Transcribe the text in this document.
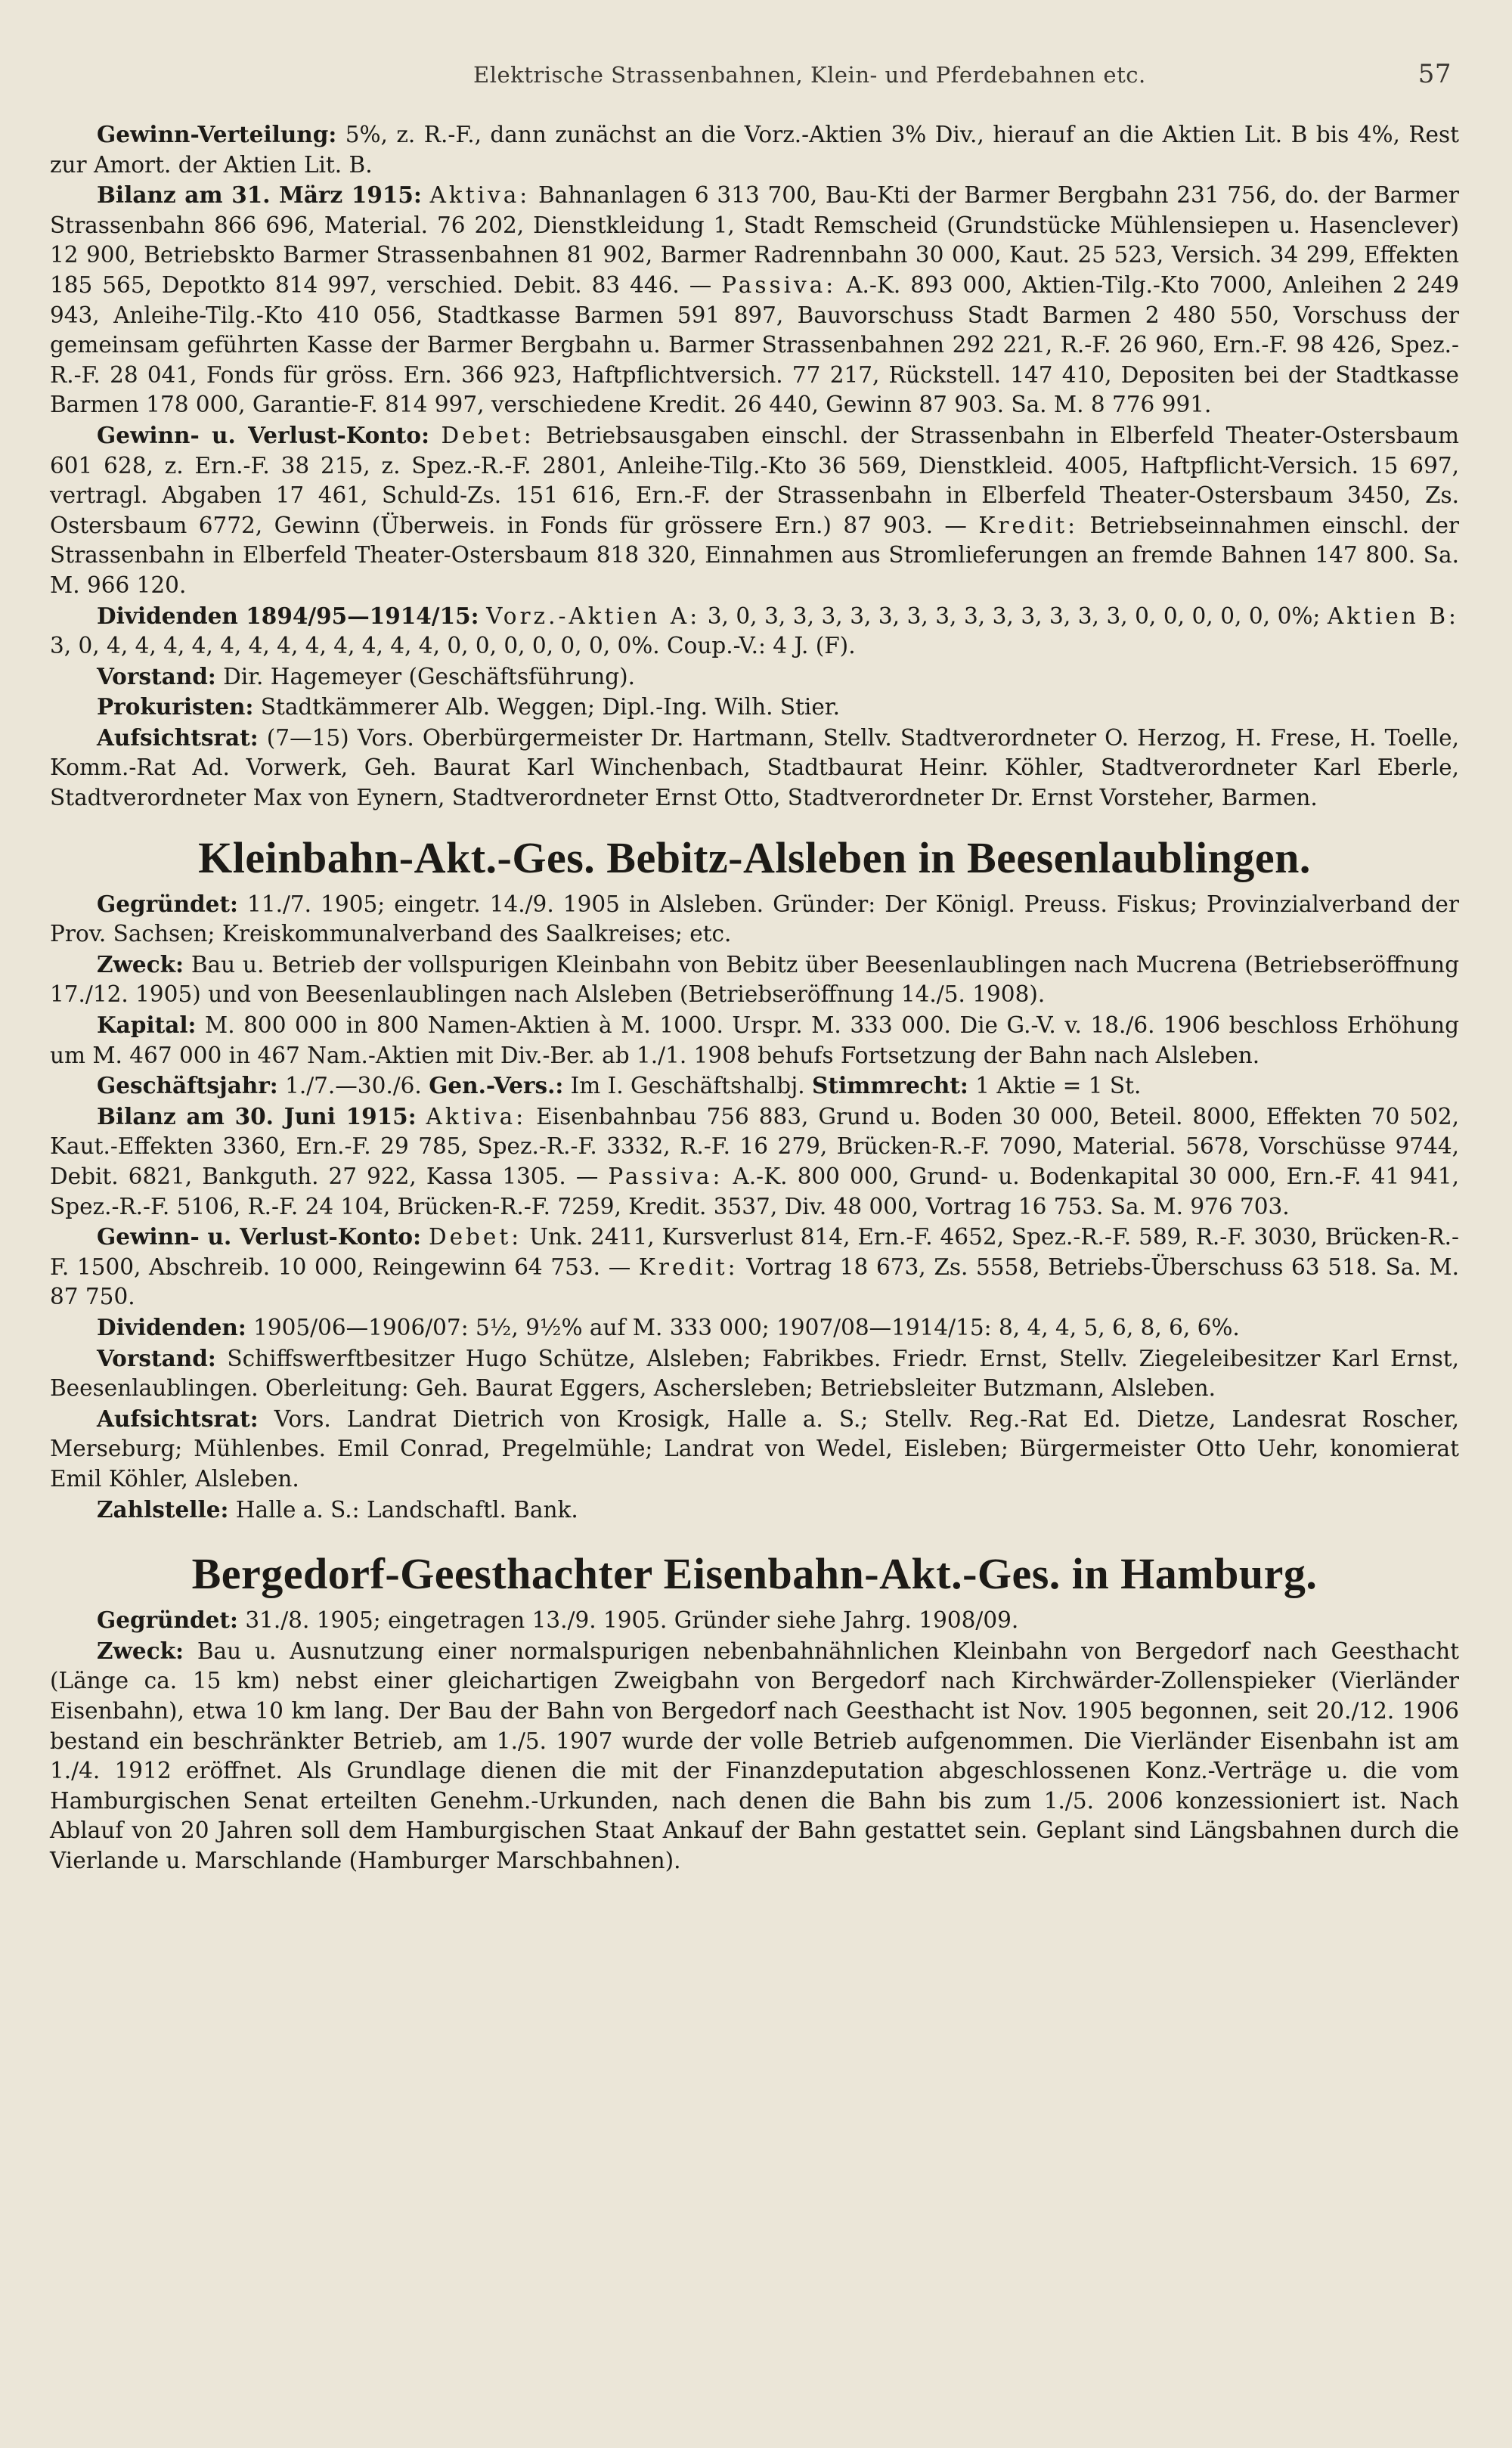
Elektrische Strassenbahnen, Klein- und Pferdebahnen etc.	57

Gewinn-Verteilung: 5%, z. R.-F., dann zunächst an die Vorz.-Aktien 3% Div., hierauf an die Aktien Lit. B bis 4%, Rest zur Amort. der Aktien Lit. B.

Bilanz am 31. März 1915: Aktiva: Bahnanlagen 6 313 700, Bau-Kti der Barmer Bergbahn 231 756, do. der Barmer Strassenbahn 866 696, Material. 76 202, Dienstkleidung 1, Stadt Remscheid (Grundstücke Mühlensiepen u. Hasenclever) 12 900, Betriebskto Barmer Strassenbahnen 81 902, Barmer Radrennbahn 30 000, Kaut. 25 523, Versich. 34 299, Effekten 185 565, Depotkto 814 997, verschied. Debit. 83 446. — Passiva: A.-K. 893 000, Aktien-Tilg.-Kto 7000, Anleihen 2 249 943, Anleihe-Tilg.-Kto 410 056, Stadtkasse Barmen 591 897, Bauvorschuss Stadt Barmen 2 480 550, Vorschuss der gemeinsam geführten Kasse der Barmer Bergbahn u. Barmer Strassenbahnen 292 221, R.-F. 26 960, Ern.-F. 98 426, Spez.-R.-F. 28 041, Fonds für gröss. Ern. 366 923, Haftpflichtversich. 77 217, Rückstell. 147 410, Depositen bei der Stadtkasse Barmen 178 000, Garantie-F. 814 997, verschiedene Kredit. 26 440, Gewinn 87 903. Sa. M. 8 776 991.

Gewinn- u. Verlust-Konto: Debet: Betriebsausgaben einschl. der Strassenbahn in Elberfeld Theater-Ostersbaum 601 628, z. Ern.-F. 38 215, z. Spez.-R.-F. 2801, Anleihe-Tilg.-Kto 36 569, Dienstkleid. 4005, Haftpflicht-Versich. 15 697, vertragl. Abgaben 17 461, Schuld-Zs. 151 616, Ern.-F. der Strassenbahn in Elberfeld Theater-Ostersbaum 3450, Zs. Ostersbaum 6772, Gewinn (Überweis. in Fonds für grössere Ern.) 87 903. — Kredit: Betriebseinnahmen einschl. der Strassenbahn in Elberfeld Theater-Ostersbaum 818 320, Einnahmen aus Stromlieferungen an fremde Bahnen 147 800. Sa. M. 966 120.

Dividenden 1894/95—1914/15: Vorz.-Aktien A: 3, 0, 3, 3, 3, 3, 3, 3, 3, 3, 3, 3, 3, 3, 3, 0, 0, 0, 0, 0, 0%; Aktien B: 3, 0, 4, 4, 4, 4, 4, 4, 4, 4, 4, 4, 4, 4, 0, 0, 0, 0, 0, 0, 0%. Coup.-V.: 4 J. (F).

Vorstand: Dir. Hagemeyer (Geschäftsführung).

Prokuristen: Stadtkämmerer Alb. Weggen; Dipl.-Ing. Wilh. Stier.

Aufsichtsrat: (7—15) Vors. Oberbürgermeister Dr. Hartmann, Stellv. Stadtverordneter O. Herzog, H. Frese, H. Toelle, Komm.-Rat Ad. Vorwerk, Geh. Baurat Karl Winchenbach, Stadtbaurat Heinr. Köhler, Stadtverordneter Karl Eberle, Stadtverordneter Max von Eynern, Stadtverordneter Ernst Otto, Stadtverordneter Dr. Ernst Vorsteher, Barmen.

Kleinbahn-Akt.-Ges. Bebitz-Alsleben in Beesenlaublingen.

Gegründet: 11./7. 1905; eingetr. 14./9. 1905 in Alsleben. Gründer: Der Königl. Preuss. Fiskus; Provinzialverband der Prov. Sachsen; Kreiskommunalverband des Saalkreises; etc.

Zweck: Bau u. Betrieb der vollspurigen Kleinbahn von Bebitz über Beesenlaublingen nach Mucrena (Betriebseröffnung 17./12. 1905) und von Beesenlaublingen nach Alsleben (Betriebseröffnung 14./5. 1908).

Kapital: M. 800 000 in 800 Namen-Aktien à M. 1000. Urspr. M. 333 000. Die G.-V. v. 18./6. 1906 beschloss Erhöhung um M. 467 000 in 467 Nam.-Aktien mit Div.-Ber. ab 1./1. 1908 behufs Fortsetzung der Bahn nach Alsleben.

Geschäftsjahr: 1./7.—30./6. Gen.-Vers.: Im I. Geschäftshalbj. Stimmrecht: 1 Aktie = 1 St.

Bilanz am 30. Juni 1915: Aktiva: Eisenbahnbau 756 883, Grund u. Boden 30 000, Beteil. 8000, Effekten 70 502, Kaut.-Effekten 3360, Ern.-F. 29 785, Spez.-R.-F. 3332, R.-F. 16 279, Brücken-R.-F. 7090, Material. 5678, Vorschüsse 9744, Debit. 6821, Bankguth. 27 922, Kassa 1305. — Passiva: A.-K. 800 000, Grund- u. Bodenkapital 30 000, Ern.-F. 41 941, Spez.-R.-F. 5106, R.-F. 24 104, Brücken-R.-F. 7259, Kredit. 3537, Div. 48 000, Vortrag 16 753. Sa. M. 976 703.

Gewinn- u. Verlust-Konto: Debet: Unk. 2411, Kursverlust 814, Ern.-F. 4652, Spez.-R.-F. 589, R.-F. 3030, Brücken-R.-F. 1500, Abschreib. 10 000, Reingewinn 64 753. — Kredit: Vortrag 18 673, Zs. 5558, Betriebs-Überschuss 63 518. Sa. M. 87 750.

Dividenden: 1905/06—1906/07: 5½, 9½% auf M. 333 000; 1907/08—1914/15: 8, 4, 4, 5, 6, 8, 6, 6%.

Vorstand: Schiffswerftbesitzer Hugo Schütze, Alsleben; Fabrikbes. Friedr. Ernst, Stellv. Ziegeleibesitzer Karl Ernst, Beesenlaublingen. Oberleitung: Geh. Baurat Eggers, Aschersleben; Betriebsleiter Butzmann, Alsleben.

Aufsichtsrat: Vors. Landrat Dietrich von Krosigk, Halle a. S.; Stellv. Reg.-Rat Ed. Dietze, Landesrat Roscher, Merseburg; Mühlenbes. Emil Conrad, Pregelmühle; Landrat von Wedel, Eisleben; Bürgermeister Otto Uehr, konomierat Emil Köhler, Alsleben.

Zahlstelle: Halle a. S.: Landschaftl. Bank.

Bergedorf-Geesthachter Eisenbahn-Akt.-Ges. in Hamburg.

Gegründet: 31./8. 1905; eingetragen 13./9. 1905. Gründer siehe Jahrg. 1908/09.

Zweck: Bau u. Ausnutzung einer normalspurigen nebenbahnähnlichen Kleinbahn von Bergedorf nach Geesthacht (Länge ca. 15 km) nebst einer gleichartigen Zweigbahn von Bergedorf nach Kirchwärder-Zollenspieker (Vierländer Eisenbahn), etwa 10 km lang. Der Bau der Bahn von Bergedorf nach Geesthacht ist Nov. 1905 begonnen, seit 20./12. 1906 bestand ein beschränkter Betrieb, am 1./5. 1907 wurde der volle Betrieb aufgenommen. Die Vierländer Eisenbahn ist am 1./4. 1912 eröffnet. Als Grundlage dienen die mit der Finanzdeputation abgeschlossenen Konz.-Verträge u. die vom Hamburgischen Senat erteilten Genehm.-Urkunden, nach denen die Bahn bis zum 1./5. 2006 konzessioniert ist. Nach Ablauf von 20 Jahren soll dem Hamburgischen Staat Ankauf der Bahn gestattet sein. Geplant sind Längsbahnen durch die Vierlande u. Marschlande (Hamburger Marschbahnen).
